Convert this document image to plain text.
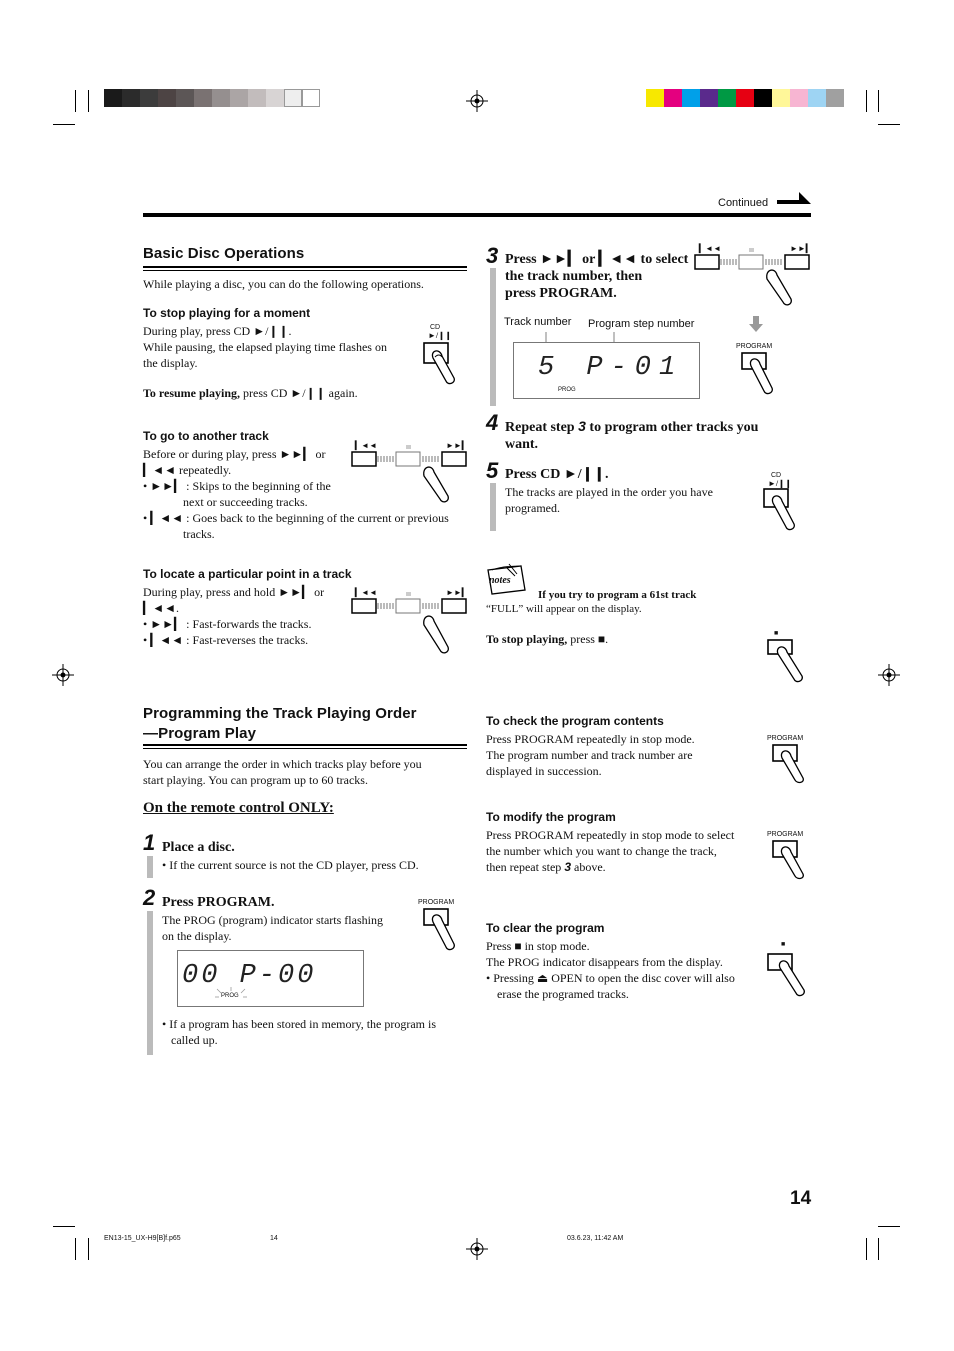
Continued
Basic Disc Operations
While playing a disc, you can do the following operations.
To stop playing for a moment
During play, press CD ►/❙❙.
While pausing, the elapsed playing time flashes on
the display.
To resume playing, press CD ►/❙❙ again.
CD
►/❙❙
To go to another track
Before or during play, press ►►▎ or
▎◄◄ repeatedly.
• ►►▎ : Skips to the beginning of the
next or succeeding tracks.
• ▎◄◄ : Goes back to the beginning of the current or previous
tracks.
▎◄◄	►►▎
To locate a particular point in a track
During play, press and hold ►►▎ or
▎◄◄.
• ►►▎ : Fast-forwards the tracks.
• ▎◄◄ : Fast-reverses the tracks.
▎◄◄	►►▎
Programming the Track Playing Order
—Program Play
You can arrange the order in which tracks play before you
start playing. You can program up to 60 tracks.
On the remote control ONLY:
1 Place a disc.
• If the current source is not the CD player, press CD.
2 Press PROGRAM.
The PROG (program) indicator starts flashing
on the display.
PROGRAM
00 P-00
PROG
• If a program has been stored in memory, the program is
called up.
3 Press ►►▎ or ▎◄◄ to select
the track number, then
press PROGRAM.
▎◄◄	►►▎
Track number Program step number
5 P-01
PROG
PROGRAM
4 Repeat step 3 to program other tracks you
want.
5 Press CD ►/❙❙.
The tracks are played in the order you have
programed.
CD
►/❙❙
notes
If you try to program a 61st track
“FULL” will appear on the display.
To stop playing, press ■.	■
To check the program contents
Press PROGRAM repeatedly in stop mode.
The program number and track number are
displayed in succession.
PROGRAM
To modify the program
Press PROGRAM repeatedly in stop mode to select
the number which you want to change the track,
then repeat step 3 above.
PROGRAM
To clear the program
Press ■ in stop mode.
The PROG indicator disappears from the display.
• Pressing ⏏ OPEN to open the disc cover will also
erase the programed tracks.
■
14
EN13-15_UX-H9[B]f.p65	14	03.6.23, 11:42 AM
